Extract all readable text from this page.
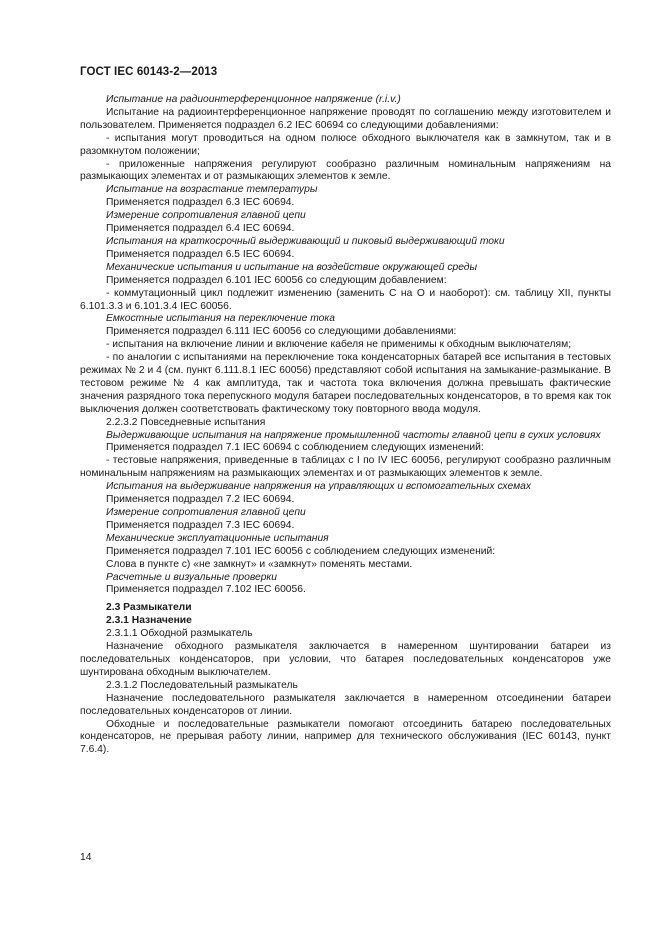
ГОСТ IEC 60143-2—2013

Испытание на радиоинтерференционное напряжение (r.i.v.)

Испытание на радиоинтерференционное напряжение проводят по соглашению между изготовителем и пользователем. Применяется подраздел 6.2 IEC 60694 со следующими добавлениями:

- испытания могут проводиться на одном полюсе обходного выключателя как в замкнутом, так и в разомкнутом положении;

- приложенные напряжения регулируют сообразно различным номинальным напряжениям на размыкающих элементах и от размыкающих элементов к земле.

Испытание на возрастание температуры

Применяется подраздел 6.3 IEC 60694.

Измерение сопротивления главной цепи

Применяется подраздел 6.4 IEC 60694.

Испытания на краткосрочный выдерживающий и пиковый выдерживающий токи

Применяется подраздел 6.5 IEC 60694.

Механические испытания и испытание на воздействие окружающей среды

Применяется подраздел 6.101 IEC 60056 со следующим добавлением:

- коммутационный цикл подлежит изменению (заменить С на О и наоборот): см. таблицу XII, пункты 6.101.3.3 и 6.101.3.4 IEC 60056.

Емкостные испытания на переключение тока

Применяется подраздел 6.111 IEC 60056 со следующими добавлениями:

- испытания на включение линии и включение кабеля не применимы к обходным выключателям;

- по аналогии с испытаниями на переключение тока конденсаторных батарей все испытания в тестовых режимах № 2 и 4 (см. пункт 6.111.8.1 IEC 60056) представляют собой испытания на замыкание-размыкание. В тестовом режиме № 4 как амплитуда, так и частота тока включения должна превышать фактические значения разрядного тока перепускного модуля батареи последовательных конденсаторов, в то время как ток выключения должен соответствовать фактическому току повторного ввода модуля.

2.2.3.2 Повседневные испытания

Выдерживающие испытания на напряжение промышленной частоты главной цепи в сухих условиях

Применяется подраздел 7.1 IEC 60694 с соблюдением следующих изменений:

- тестовые напряжения, приведенные в таблицах с I по IV IEC 60056, регулируют сообразно различным номинальным напряжениям на размыкающих элементах и от размыкающих элементов к земле.

Испытания на выдерживание напряжения на управляющих и вспомогательных схемах

Применяется подраздел 7.2 IEC 60694.

Измерение сопротивления главной цепи

Применяется подраздел 7.3 IEC 60694.

Механические эксплуатационные испытания

Применяется подраздел 7.101 IEC 60056 с соблюдением следующих изменений:

Слова в пункте с) «не замкнут» и «замкнут» поменять местами.

Расчетные и визуальные проверки

Применяется подраздел 7.102 IEC 60056.

2.3 Размыкатели

2.3.1 Назначение

2.3.1.1 Обходной размыкатель

Назначение обходного размыкателя заключается в намеренном шунтировании батареи из последовательных конденсаторов, при условии, что батарея последовательных конденсаторов уже шунтирована обходным выключателем.

2.3.1.2 Последовательный размыкатель

Назначение последовательного размыкателя заключается в намеренном отсоединении батареи последовательных конденсаторов от линии.

Обходные и последовательные размыкатели помогают отсоединить батарею последовательных конденсаторов, не прерывая работу линии, например для технического обслуживания (IEC 60143, пункт 7.6.4).

14
